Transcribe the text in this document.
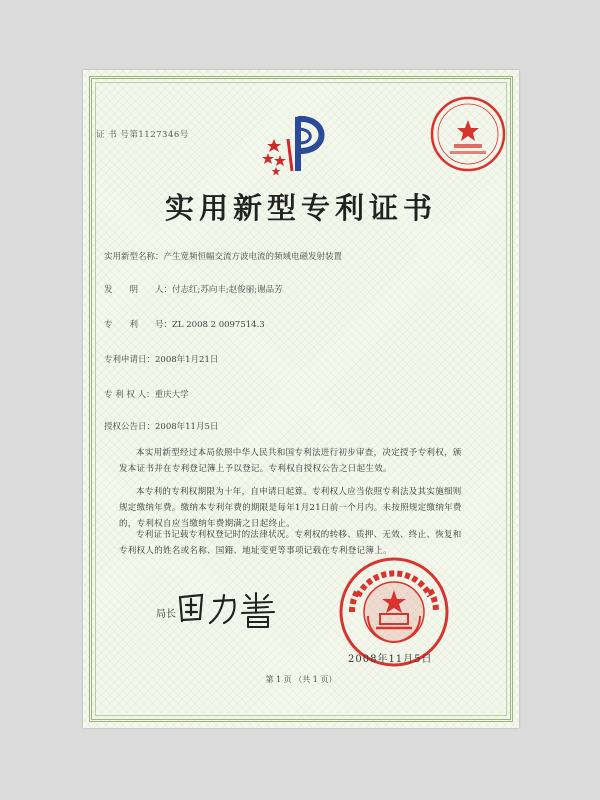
证 书 号第1127346号
实用新型专利证书
实用新型名称：产生宽频恒幅交流方波电流的频域电磁发射装置
发　　明　　人：付志红;苏向丰;赵俊丽;谢品芳
专　　利　　号：ZL 2008 2 0097514.3
专利申请日：2008年1月21日
专 利 权 人：重庆大学
授权公告日：2008年11月5日
本实用新型经过本局依照中华人民共和国专利法进行初步审查，决定授予专利权，颁发本证书并在专利登记簿上予以登记。专利权自授权公告之日起生效。
本专利的专利权期限为十年，自申请日起算。专利权人应当依照专利法及其实施细则规定缴纳年费。缴纳本专利年费的期限是每年1月21日前一个月内。未按照规定缴纳年费的，专利权自应当缴纳年费期满之日起终止。
专利证书记载专利权登记时的法律状况。专利权的转移、质押、无效、终止、恢复和专利权人的姓名或名称、国籍、地址变更等事项记载在专利登记簿上。
局长
2008年11月5日
第 1 页 （共 1 页）
